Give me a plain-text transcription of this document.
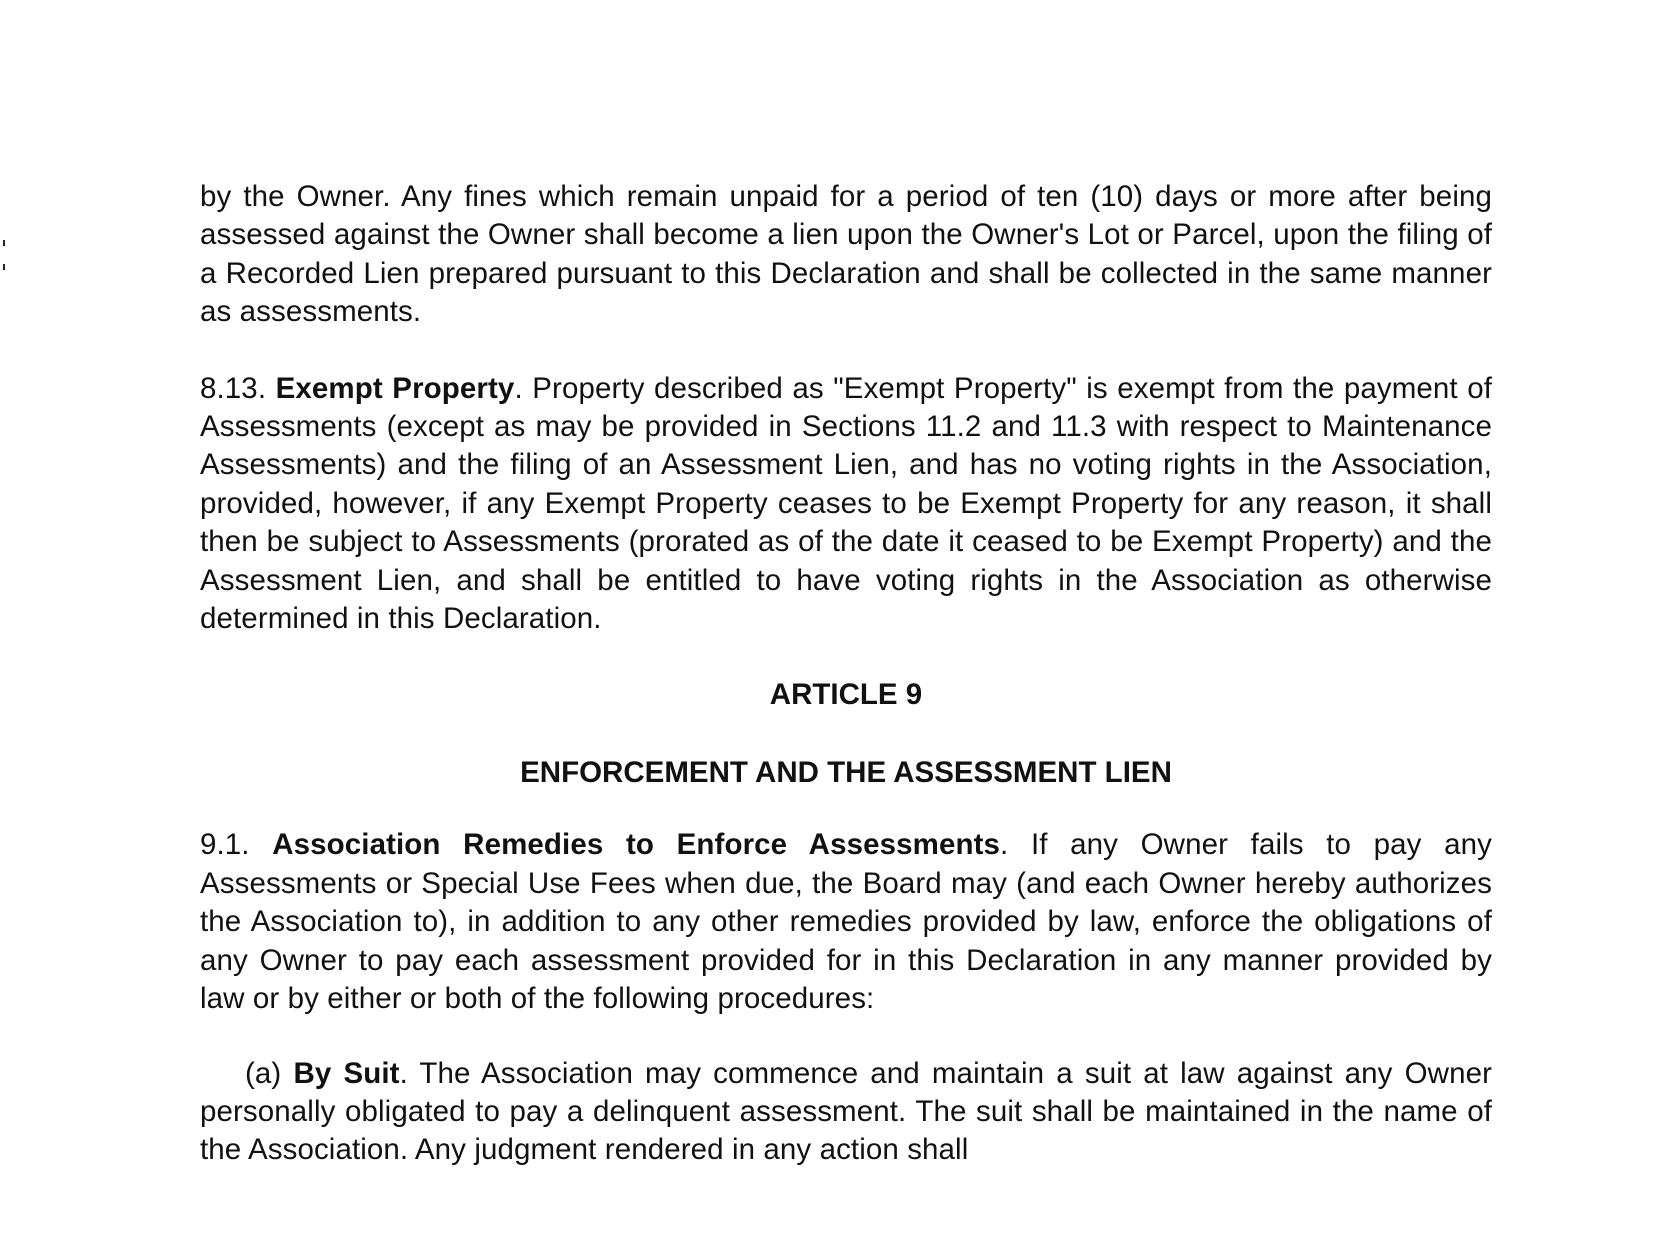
by the Owner. Any fines which remain unpaid for a period of ten (10) days or more after being assessed against the Owner shall become a lien upon the Owner's Lot or Parcel, upon the filing of a Recorded Lien prepared pursuant to this Declaration and shall be collected in the same manner as assessments.

8.13. Exempt Property. Property described as "Exempt Property" is exempt from the payment of Assessments (except as may be provided in Sections 11.2 and 11.3 with respect to Maintenance Assessments) and the filing of an Assessment Lien, and has no voting rights in the Association, provided, however, if any Exempt Property ceases to be Exempt Property for any reason, it shall then be subject to Assessments (prorated as of the date it ceased to be Exempt Property) and the Assessment Lien, and shall be entitled to have voting rights in the Association as otherwise determined in this Declaration.

ARTICLE 9
ENFORCEMENT AND THE ASSESSMENT LIEN

9.1. Association Remedies to Enforce Assessments. If any Owner fails to pay any Assessments or Special Use Fees when due, the Board may (and each Owner hereby authorizes the Association to), in addition to any other remedies provided by law, enforce the obligations of any Owner to pay each assessment provided for in this Declaration in any manner provided by law or by either or both of the following procedures:

(a) By Suit. The Association may commence and maintain a suit at law against any Owner personally obligated to pay a delinquent assessment. The suit shall be maintained in the name of the Association. Any judgment rendered in any action shall
